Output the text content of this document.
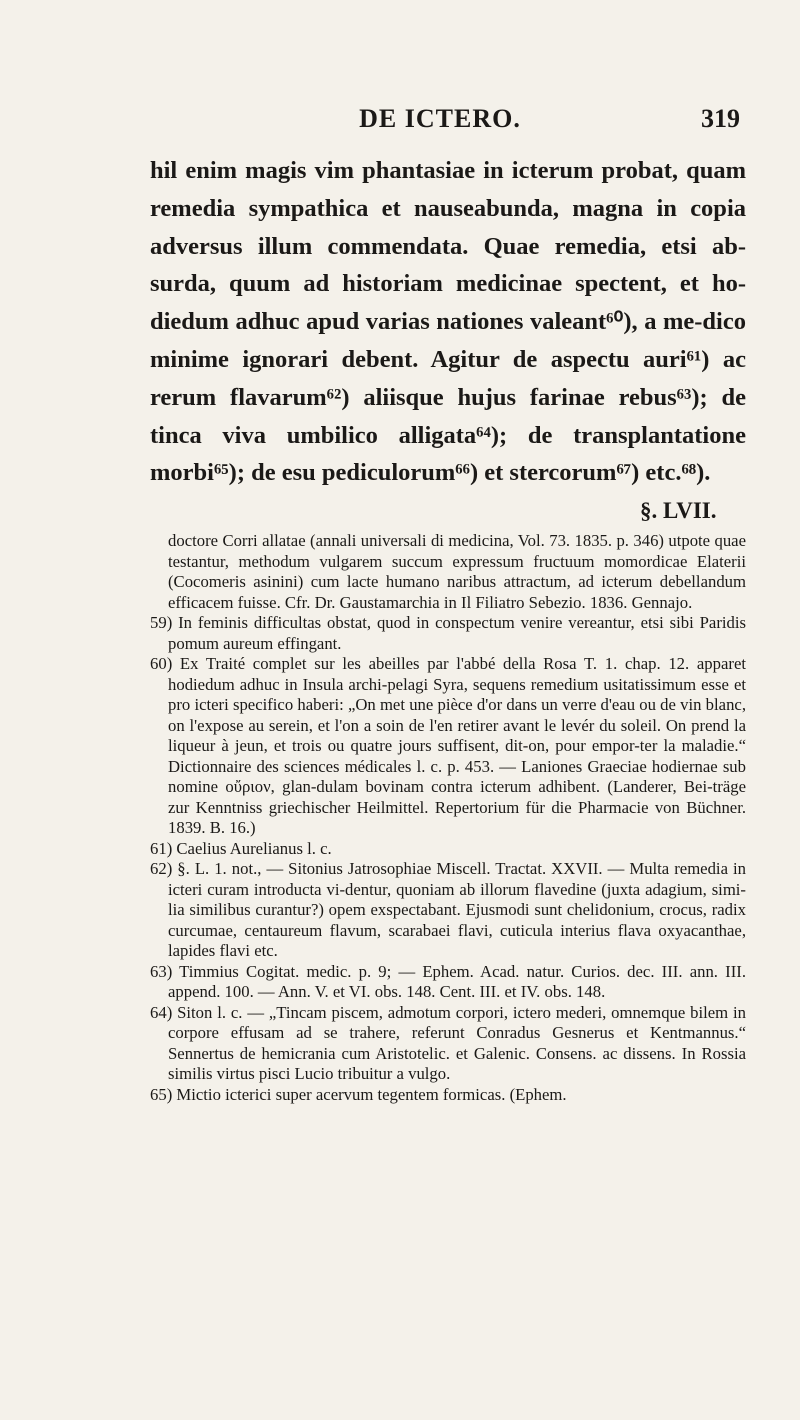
DE ICTERO.	319

hil enim magis vim phantasiae in icterum probat, quam remedia sympathica et nauseabunda, magna in copia adversus illum commendata. Quae remedia, etsi ab-surda, quum ad historiam medicinae spectent, et ho-diedum adhuc apud varias nationes valeant⁶⁰), a me-dico minime ignorari debent. Agitur de aspectu auri⁶¹) ac rerum flavarum⁶²) aliisque hujus farinae rebus⁶³); de tinca viva umbilico alligata⁶⁴); de transplantatione morbi⁶⁵); de esu pediculorum⁶⁶) et stercorum⁶⁷) etc.⁶⁸).

§. LVII.

doctore Corri allatae (annali universali di medicina, Vol. 73. 1835. p. 346) utpote quae testantur, methodum vulgarem succum expressum fructuum momordicae Elaterii (Cocomeris asinini) cum lacte humano naribus attractum, ad icterum debellandum efficacem fuisse. Cfr. Dr. Gaustamarchia in Il Filiatro Sebezio. 1836. Gennajo.

59) In feminis difficultas obstat, quod in conspectum venire vereantur, etsi sibi Paridis pomum aureum effingant.

60) Ex Traité complet sur les abeilles par l'abbé della Rosa T. 1. chap. 12. apparet hodiedum adhuc in Insula archi-pelagi Syra, sequens remedium usitatissimum esse et pro icteri specifico haberi: „On met une pièce d'or dans un verre d'eau ou de vin blanc, on l'expose au serein, et l'on a soin de l'en retirer avant le levér du soleil. On prend la liqueur à jeun, et trois ou quatre jours suffisent, dit-on, pour empor-ter la maladie.“ Dictionnaire des sciences médicales l. c. p. 453. — Laniones Graeciae hodiernae sub nomine οὔριον, glan-dulam bovinam contra icterum adhibent. (Landerer, Bei-träge zur Kenntniss griechischer Heilmittel. Repertorium für die Pharmacie von Büchner. 1839. B. 16.)

61) Caelius Aurelianus l. c.

62) §. L. 1. not., — Sitonius Jatrosophiae Miscell. Tractat. XXVII. — Multa remedia in icteri curam introducta vi-dentur, quoniam ab illorum flavedine (juxta adagium, simi-lia similibus curantur?) opem exspectabant. Ejusmodi sunt chelidonium, crocus, radix curcumae, centaureum flavum, scarabaei flavi, cuticula interius flava oxyacanthae, lapides flavi etc.

63) Timmius Cogitat. medic. p. 9; — Ephem. Acad. natur. Curios. dec. III. ann. III. append. 100. — Ann. V. et VI. obs. 148. Cent. III. et IV. obs. 148.

64) Siton l. c. — „Tincam piscem, admotum corpori, ictero mederi, omnemque bilem in corpore effusam ad se trahere, referunt Conradus Gesnerus et Kentmannus.“ Sennertus de hemicrania cum Aristotelic. et Galenic. Consens. ac dissens. In Rossia similis virtus pisci Lucio tribuitur a vulgo.

65) Mictio icterici super acervum tegentem formicas. (Ephem.
